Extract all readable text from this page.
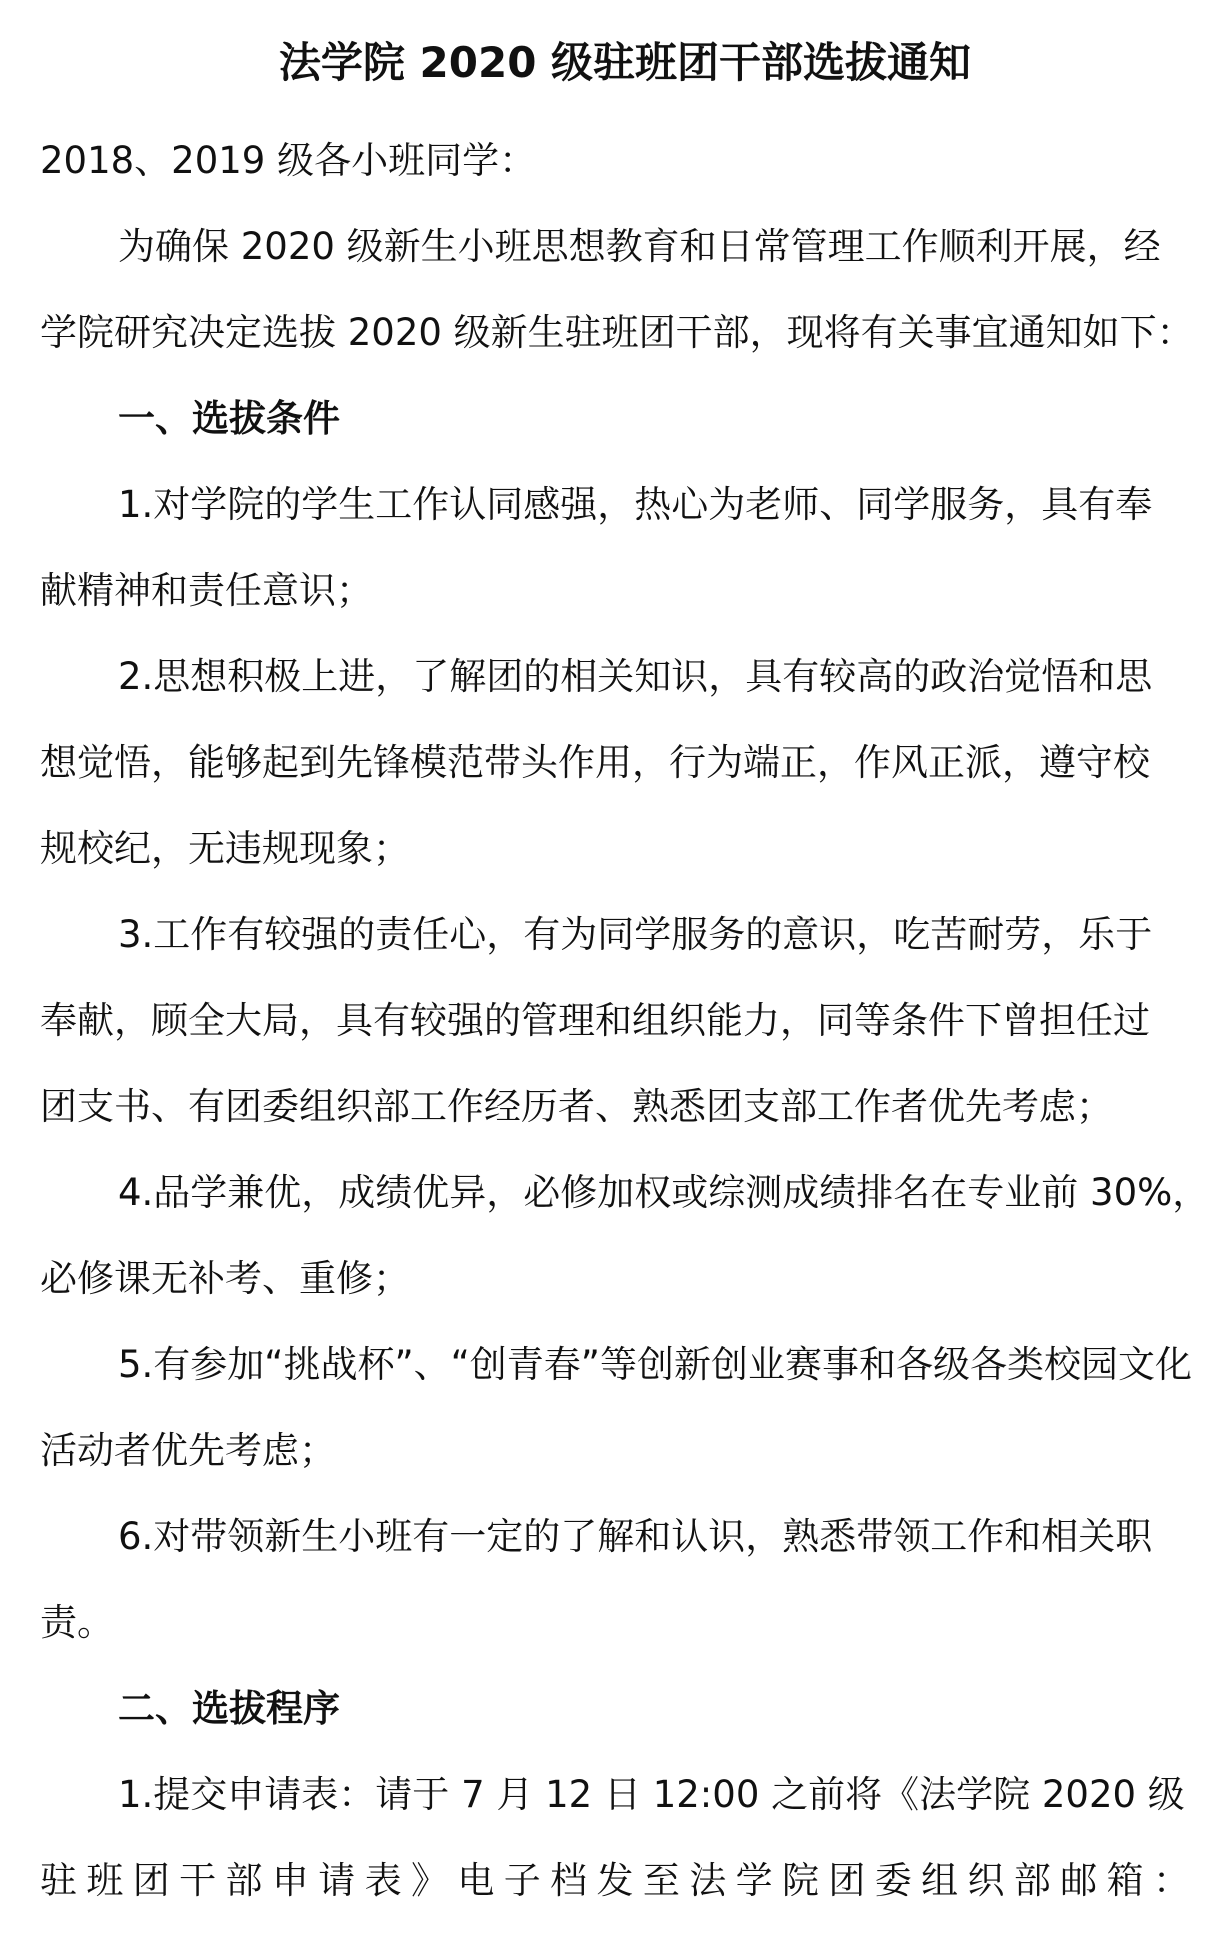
法学院 2020 级驻班团干部选拔通知
2018、2019 级各小班同学：
为确保 2020 级新生小班思想教育和日常管理工作顺利开展，经
学院研究决定选拔 2020 级新生驻班团干部，现将有关事宜通知如下：
一、选拔条件
1.对学院的学生工作认同感强，热心为老师、同学服务，具有奉
献精神和责任意识；
2.思想积极上进，了解团的相关知识，具有较高的政治觉悟和思
想觉悟，能够起到先锋模范带头作用，行为端正，作风正派，遵守校
规校纪，无违规现象；
3.工作有较强的责任心，有为同学服务的意识，吃苦耐劳，乐于
奉献，顾全大局，具有较强的管理和组织能力，同等条件下曾担任过
团支书、有团委组织部工作经历者、熟悉团支部工作者优先考虑；
4.品学兼优，成绩优异，必修加权或综测成绩排名在专业前 30%，
必修课无补考、重修；
5.有参加“挑战杯”、“创青春”等创新创业赛事和各级各类校园文化
活动者优先考虑；
6.对带领新生小班有一定的了解和认识，熟悉带领工作和相关职
责。
二、选拔程序
1.提交申请表：请于 7 月 12 日 12:00 之前将《法学院 2020 级
驻班团干部申请表》电子档发至法学院团委组织部邮箱：
